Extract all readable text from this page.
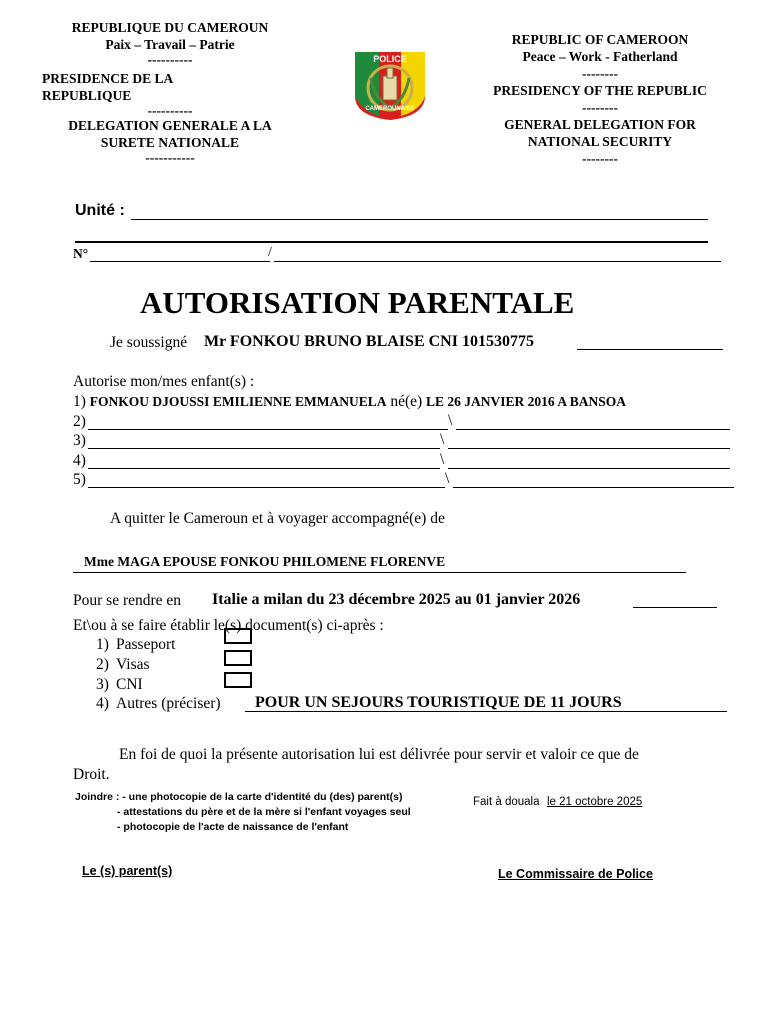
REPUBLIQUE DU CAMEROUN
Paix – Travail – Patrie
----------
PRESIDENCE DE LA
REPUBLIQUE
----------
DELEGATION GENERALE A LA
SURETE NATIONALE
-----------
POLICE
CAMEROUNAISE
REPUBLIC OF CAMEROON
Peace – Work - Fatherland
--------
PRESIDENCY OF THE REPUBLIC
--------
GENERAL DELEGATION FOR
NATIONAL SECURITY
--------
Unité :
N°	/
AUTORISATION PARENTALE
Je soussigné Mr FONKOU BRUNO BLAISE CNI 101530775
Autorise mon/mes enfant(s) :
1) FONKOU DJOUSSI EMILIENNE EMMANUELA né(e) LE 26 JANVIER 2016 A BANSOA
2)	\
3)	\
4)	\
5)	\
A quitter le Cameroun et à voyager accompagné(e) de
Mme MAGA EPOUSE FONKOU PHILOMENE FLORENVE
Pour se rendre en Italie a milan du 23 décembre 2025 au 01 janvier 2026
Et\ou à se faire établir le(s) document(s) ci-après :
1) Passeport
2) Visas
3) CNI
4) Autres (préciser) POUR UN SEJOURS TOURISTIQUE DE 11 JOURS
En foi de quoi la présente autorisation lui est délivrée pour servir et valoir ce que de
Droit.
Joindre : - une photocopie de la carte d'identité du (des) parent(s)
- attestations du père et de la mère si l'enfant voyages seul
- photocopie de l'acte de naissance de l'enfant
Fait à douala le 21 octobre 2025
Le (s) parent(s)	Le Commissaire de Police
